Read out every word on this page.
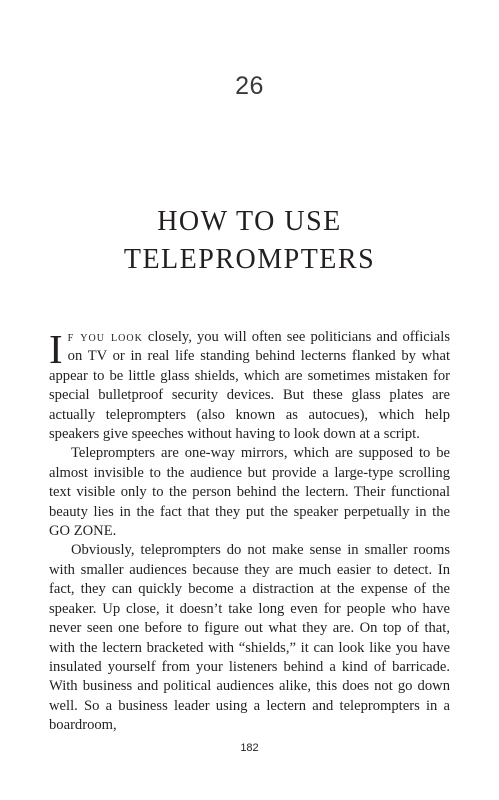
26
HOW TO USE
TELEPROMPTERS

If you look closely, you will often see politicians and officials on TV or in real life standing behind lecterns flanked by what appear to be little glass shields, which are sometimes mistaken for special bulletproof security devices. But these glass plates are actually teleprompters (also known as autocues), which help speakers give speeches without having to look down at a script.

Teleprompters are one-way mirrors, which are supposed to be almost invisible to the audience but provide a large-type scrolling text visible only to the person behind the lectern. Their functional beauty lies in the fact that they put the speaker perpetually in the GO ZONE.

Obviously, teleprompters do not make sense in smaller rooms with smaller audiences because they are much easier to detect. In fact, they can quickly become a distraction at the expense of the speaker. Up close, it doesn’t take long even for people who have never seen one before to figure out what they are. On top of that, with the lectern bracketed with “shields,” it can look like you have insulated yourself from your listeners behind a kind of barricade. With business and political audiences alike, this does not go down well. So a business leader using a lectern and teleprompters in a boardroom,

182
